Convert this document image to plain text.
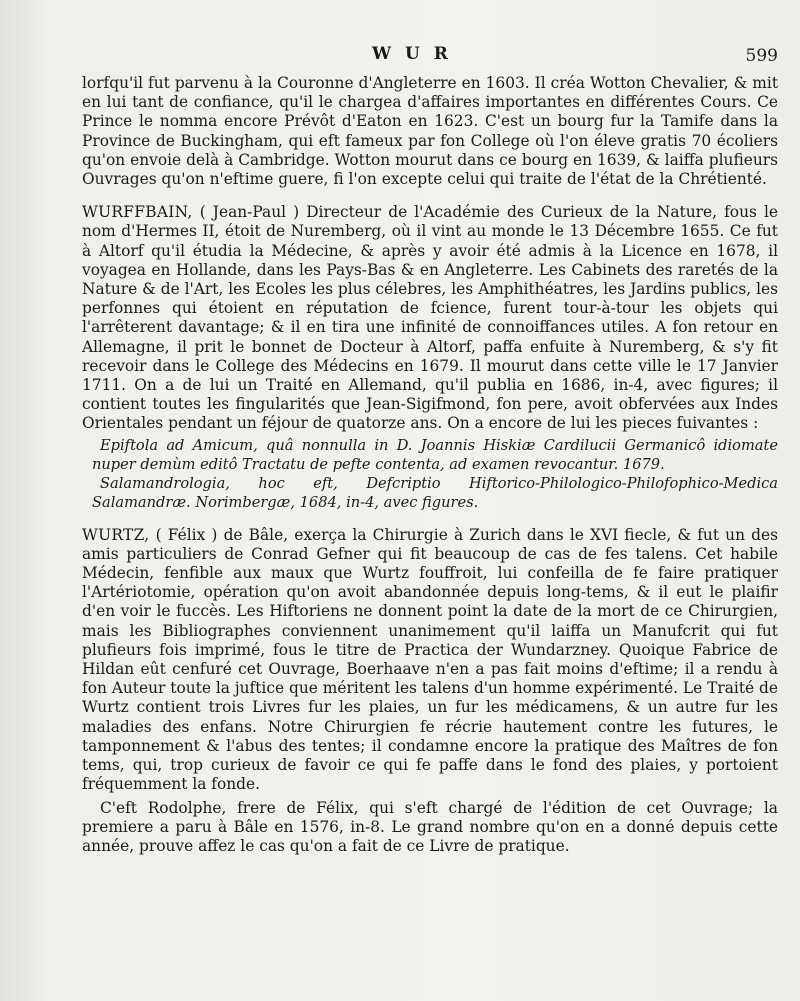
W U R	599

lorfqu'il fut parvenu à la Couronne d'Angleterre en 1603. Il créa Wotton Chevalier, & mit en lui tant de confiance, qu'il le chargea d'affaires importantes en différentes Cours. Ce Prince le nomma encore Prévôt d'Eaton en 1623. C'est un bourg fur la Tamife dans la Province de Buckingham, qui eft fameux par fon College où l'on éleve gratis 70 écoliers qu'on envoie delà à Cambridge. Wotton mourut dans ce bourg en 1639, & laiffa plufieurs Ouvrages qu'on n'eftime guere, fi l'on excepte celui qui traite de l'état de la Chrétienté.

WURFFBAIN, ( Jean-Paul ) Directeur de l'Académie des Curieux de la Nature, fous le nom d'Hermes II, étoit de Nuremberg, où il vint au monde le 13 Décembre 1655. Ce fut à Altorf qu'il étudia la Médecine, & après y avoir été admis à la Licence en 1678, il voyagea en Hollande, dans les Pays-Bas & en Angleterre. Les Cabinets des raretés de la Nature & de l'Art, les Ecoles les plus célebres, les Amphithéatres, les Jardins publics, les perfonnes qui étoient en réputation de fcience, furent tour-à-tour les objets qui l'arrêterent davantage; & il en tira une infinité de connoiffances utiles. A fon retour en Allemagne, il prit le bonnet de Docteur à Altorf, paffa enfuite à Nuremberg, & s'y fit recevoir dans le College des Médecins en 1679. Il mourut dans cette ville le 17 Janvier 1711. On a de lui un Traité en Allemand, qu'il publia en 1686, in-4, avec figures; il contient toutes les fingularités que Jean-Sigifmond, fon pere, avoit obfervées aux Indes Orientales pendant un féjour de quatorze ans. On a encore de lui les pieces fuivantes :

Epiftola ad Amicum, quâ nonnulla in D. Joannis Hiskiæ Cardilucii Germanicô idiomate nuper demùm editô Tractatu de pefte contenta, ad examen revocantur. 1679.

Salamandrologia, hoc eft, Defcriptio Hiftorico-Philologico-Philofophico-Medica Salamandræ. Norimbergæ, 1684, in-4, avec figures.

WURTZ, ( Félix ) de Bâle, exerça la Chirurgie à Zurich dans le XVI fiecle, & fut un des amis particuliers de Conrad Gefner qui fit beaucoup de cas de fes talens. Cet habile Médecin, fenfible aux maux que Wurtz fouffroit, lui confeilla de fe faire pratiquer l'Artériotomie, opération qu'on avoit abandonnée depuis long-tems, & il eut le plaifir d'en voir le fuccès. Les Hiftoriens ne donnent point la date de la mort de ce Chirurgien, mais les Bibliographes conviennent unanimement qu'il laiffa un Manufcrit qui fut plufieurs fois imprimé, fous le titre de Practica der Wundarzney. Quoique Fabrice de Hildan eût cenfuré cet Ouvrage, Boerhaave n'en a pas fait moins d'eftime; il a rendu à fon Auteur toute la juftice que méritent les talens d'un homme expérimenté. Le Traité de Wurtz contient trois Livres fur les plaies, un fur les médicamens, & un autre fur les maladies des enfans. Notre Chirurgien fe récrie hautement contre les futures, le tamponnement & l'abus des tentes; il condamne encore la pratique des Maîtres de fon tems, qui, trop curieux de favoir ce qui fe paffe dans le fond des plaies, y portoient fréquemment la fonde.

C'eft Rodolphe, frere de Félix, qui s'eft chargé de l'édition de cet Ouvrage; la premiere a paru à Bâle en 1576, in-8. Le grand nombre qu'on en a donné depuis cette année, prouve affez le cas qu'on a fait de ce Livre de pratique.
